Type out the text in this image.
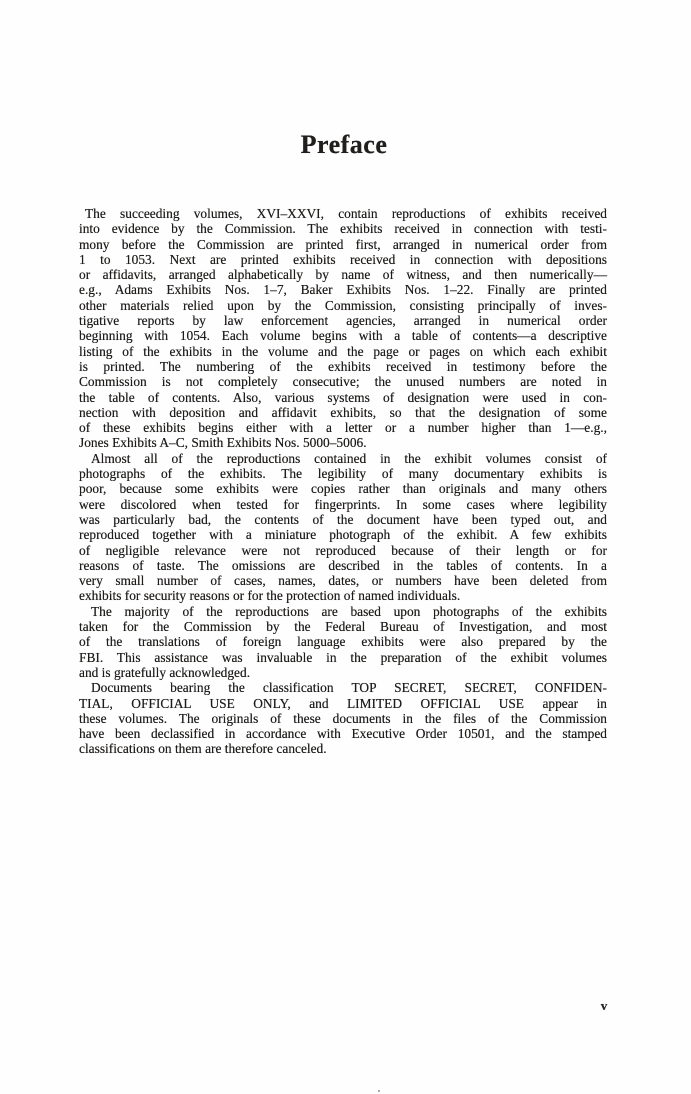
Preface
The succeeding volumes, XVI–XXVI, contain reproductions of exhibits received
into evidence by the Commission. The exhibits received in connection with testi-
mony before the Commission are printed first, arranged in numerical order from
1 to 1053. Next are printed exhibits received in connection with depositions
or affidavits, arranged alphabetically by name of witness, and then numerically—
e.g., Adams Exhibits Nos. 1–7, Baker Exhibits Nos. 1–22. Finally are printed
other materials relied upon by the Commission, consisting principally of inves-
tigative reports by law enforcement agencies, arranged in numerical order
beginning with 1054. Each volume begins with a table of contents—a descriptive
listing of the exhibits in the volume and the page or pages on which each exhibit
is printed. The numbering of the exhibits received in testimony before the
Commission is not completely consecutive; the unused numbers are noted in
the table of contents. Also, various systems of designation were used in con-
nection with deposition and affidavit exhibits, so that the designation of some
of these exhibits begins either with a letter or a number higher than 1—e.g.,
Jones Exhibits A–C, Smith Exhibits Nos. 5000–5006.
Almost all of the reproductions contained in the exhibit volumes consist of
photographs of the exhibits. The legibility of many documentary exhibits is
poor, because some exhibits were copies rather than originals and many others
were discolored when tested for fingerprints. In some cases where legibility
was particularly bad, the contents of the document have been typed out, and
reproduced together with a miniature photograph of the exhibit. A few exhibits
of negligible relevance were not reproduced because of their length or for
reasons of taste. The omissions are described in the tables of contents. In a
very small number of cases, names, dates, or numbers have been deleted from
exhibits for security reasons or for the protection of named individuals.
The majority of the reproductions are based upon photographs of the exhibits
taken for the Commission by the Federal Bureau of Investigation, and most
of the translations of foreign language exhibits were also prepared by the
FBI. This assistance was invaluable in the preparation of the exhibit volumes
and is gratefully acknowledged.
Documents bearing the classification TOP SECRET, SECRET, CONFIDEN-
TIAL, OFFICIAL USE ONLY, and LIMITED OFFICIAL USE appear in
these volumes. The originals of these documents in the files of the Commission
have been declassified in accordance with Executive Order 10501, and the stamped
classifications on them are therefore canceled.
v
